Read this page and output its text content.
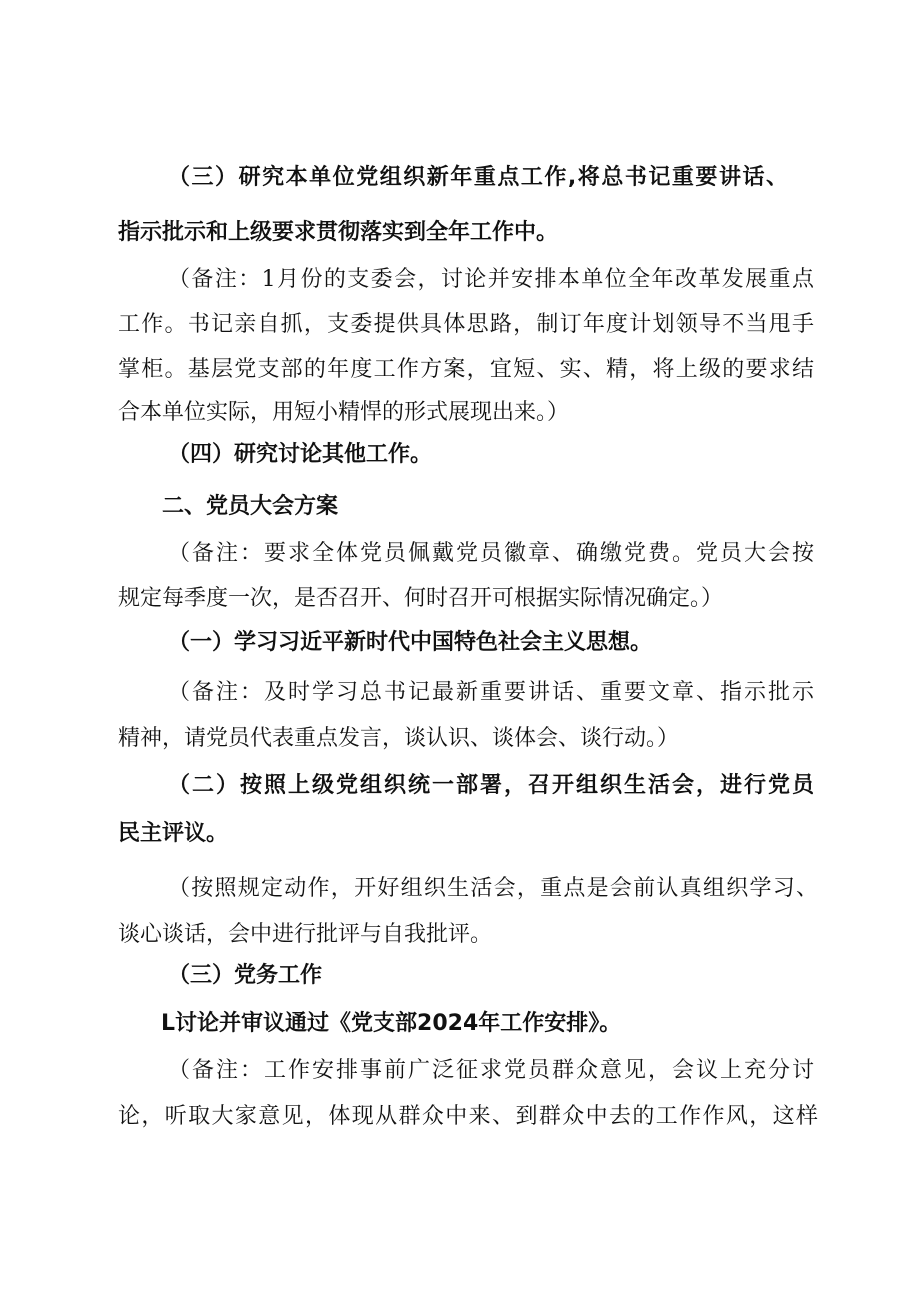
（三）研究本单位党组织新年重点工作,将总书记重要讲话、
指示批示和上级要求贯彻落实到全年工作中。
（备注：1月份的支委会，讨论并安排本单位全年改革发展重点
工作。书记亲自抓，支委提供具体思路，制订年度计划领导不当甩手
掌柜。基层党支部的年度工作方案，宜短、实、精，将上级的要求结
合本单位实际，用短小精悍的形式展现出来。）
（四）研究讨论其他工作。
二、党员大会方案
（备注：要求全体党员佩戴党员徽章、确缴党费。党员大会按
规定每季度一次，是否召开、何时召开可根据实际情况确定。）
（一）学习习近平新时代中国特色社会主义思想。
（备注：及时学习总书记最新重要讲话、重要文章、指示批示
精神，请党员代表重点发言，谈认识、谈体会、谈行动。）
（二）按照上级党组织统一部署，召开组织生活会，进行党员
民主评议。
（按照规定动作，开好组织生活会，重点是会前认真组织学习、
谈心谈话，会中进行批评与自我批评。
（三）党务工作
L讨论并审议通过《党支部2024年工作安排》。
（备注：工作安排事前广泛征求党员群众意见，会议上充分讨
论，听取大家意见，体现从群众中来、到群众中去的工作作风，这样
